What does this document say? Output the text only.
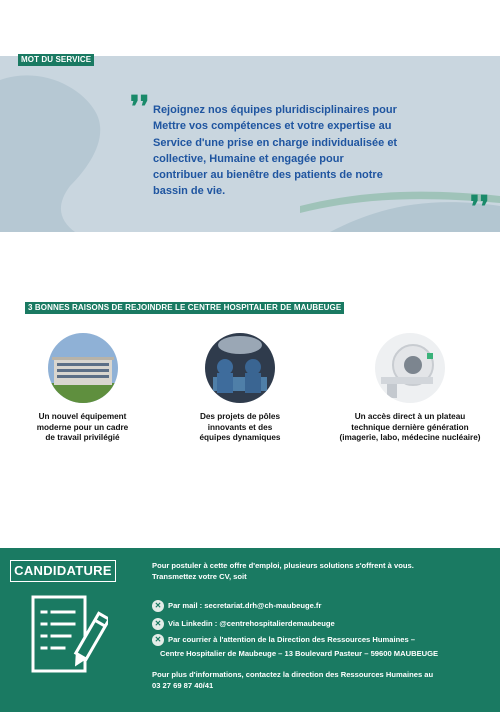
MOT DU SERVICE
❜❜ Rejoignez nos équipes pluridisciplinaires pour
Mettre vos compétences et votre expertise au
Service d'une prise en charge individualisée et
collective, Humaine et engagée pour
contribuer au bienêtre des patients de notre
bassin de vie.	❜❜
3 BONNES RAISONS DE REJOINDRE LE CENTRE HOSPITALIER DE MAUBEUGE
Un nouvel équipement
moderne pour un cadre
de travail privilégié
Des projets de pôles
innovants et des
équipes dynamiques
Un accès direct à un plateau
technique dernière génération
(imagerie, labo, médecine nucléaire)
CANDIDATURE	Pour postuler à cette offre d'emploi, plusieurs solutions s'offrent à vous.
Transmettez votre CV, soit
✕ Par mail : secretariat.drh@ch-maubeuge.fr
✕ Via Linkedin : @centrehospitalierdemaubeuge
✕ Par courrier à l'attention de la Direction des Ressources Humaines –
Centre Hospitalier de Maubeuge – 13 Boulevard Pasteur – 59600 MAUBEUGE
Pour plus d'informations, contactez la direction des Ressources Humaines au
03 27 69 87 40/41
